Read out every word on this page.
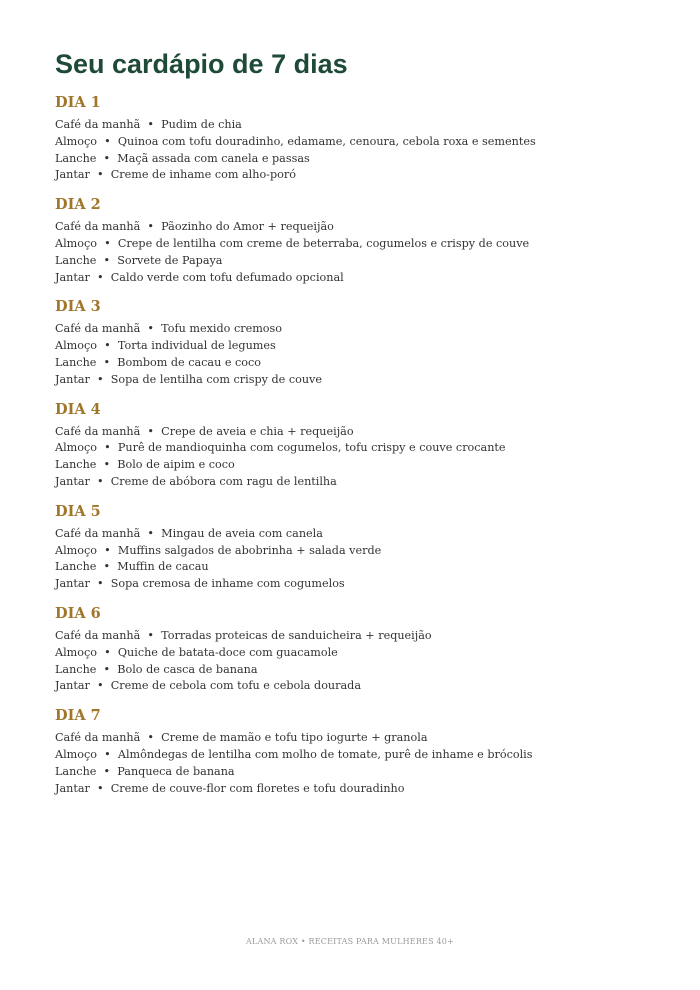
Seu cardápio de 7 dias
DIA 1
Café da manhã • Pudim de chia
Almoço • Quinoa com tofu douradinho, edamame, cenoura, cebola roxa e sementes
Lanche • Maçã assada com canela e passas
Jantar • Creme de inhame com alho-poró
DIA 2
Café da manhã • Pãozinho do Amor + requeijão
Almoço • Crepe de lentilha com creme de beterraba, cogumelos e crispy de couve
Lanche • Sorvete de Papaya
Jantar • Caldo verde com tofu defumado opcional
DIA 3
Café da manhã • Tofu mexido cremoso
Almoço • Torta individual de legumes
Lanche • Bombom de cacau e coco
Jantar • Sopa de lentilha com crispy de couve
DIA 4
Café da manhã • Crepe de aveia e chia + requeijão
Almoço • Purê de mandioquinha com cogumelos, tofu crispy e couve crocante
Lanche • Bolo de aipim e coco
Jantar • Creme de abóbora com ragu de lentilha
DIA 5
Café da manhã • Mingau de aveia com canela
Almoço • Muffins salgados de abobrinha + salada verde
Lanche • Muffin de cacau
Jantar • Sopa cremosa de inhame com cogumelos
DIA 6
Café da manhã • Torradas proteicas de sanduicheira + requeijão
Almoço • Quiche de batata-doce com guacamole
Lanche • Bolo de casca de banana
Jantar • Creme de cebola com tofu e cebola dourada
DIA 7
Café da manhã • Creme de mamão e tofu tipo iogurte + granola
Almoço • Almôndegas de lentilha com molho de tomate, purê de inhame e brócolis
Lanche • Panqueca de banana
Jantar • Creme de couve-flor com floretes e tofu douradinho
ALANA ROX • RECEITAS PARA MULHERES 40+
